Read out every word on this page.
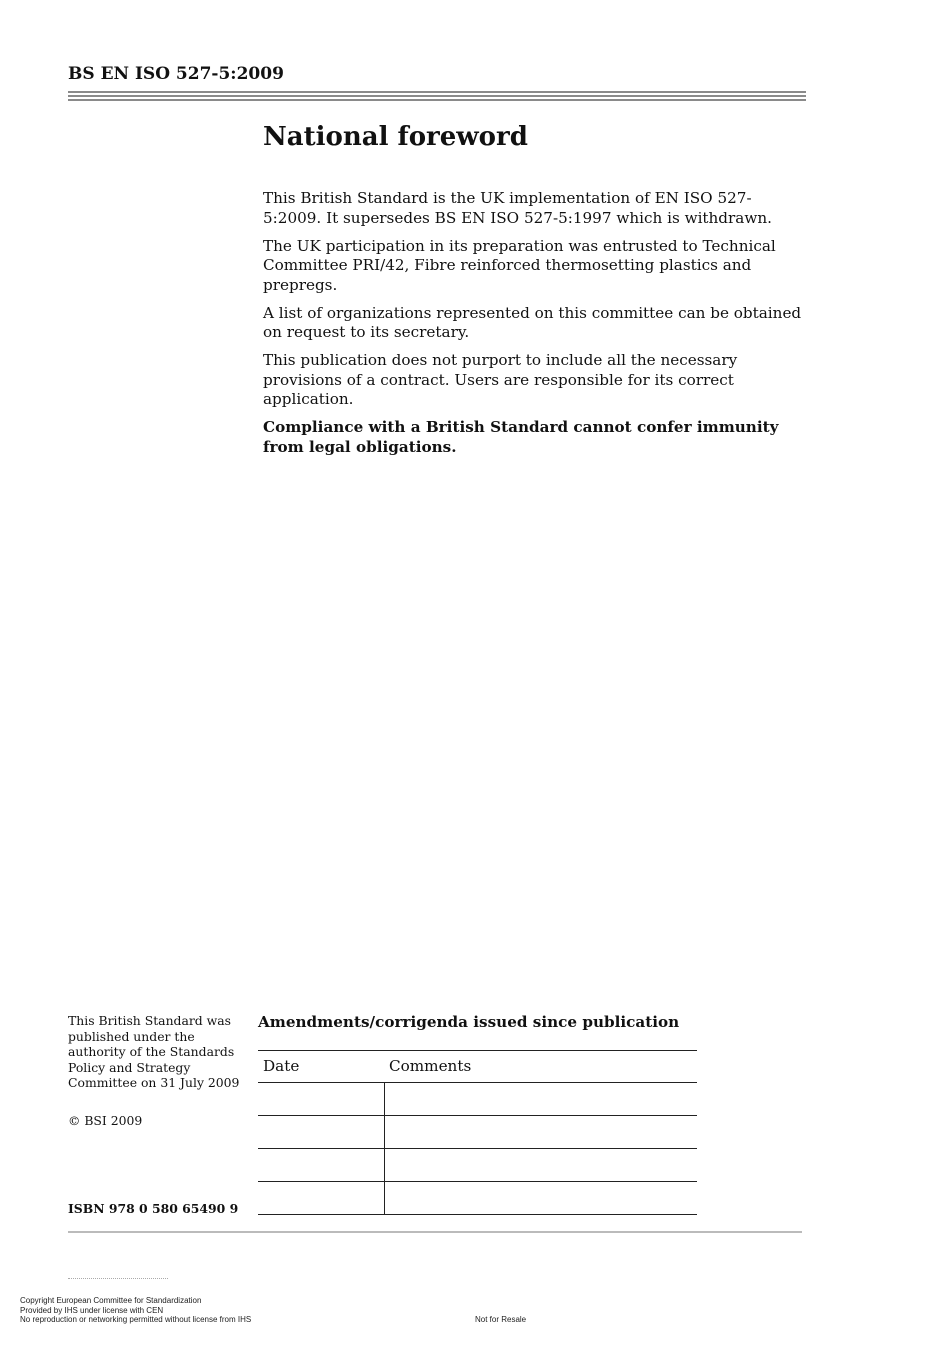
BS EN ISO 527-5:2009
National foreword

This British Standard is the UK implementation of EN ISO 527-5:2009. It supersedes BS EN ISO 527-5:1997 which is withdrawn.

The UK participation in its preparation was entrusted to Technical Committee PRI/42, Fibre reinforced thermosetting plastics and prepregs.

A list of organizations represented on this committee can be obtained on request to its secretary.

This publication does not purport to include all the necessary provisions of a contract. Users are responsible for its correct application.

Compliance with a British Standard cannot confer immunity from legal obligations.

This British Standard was published under the authority of the Standards Policy and Strategy Committee on 31 July 2009

© BSI 2009
ISBN 978 0 580 65490 9
Amendments/corrigenda issued since publication
Date	Comments

Copyright European Committee for Standardization

Provided by IHS under license with CEN

No reproduction or networking permitted without license from IHS	Not for Resale
